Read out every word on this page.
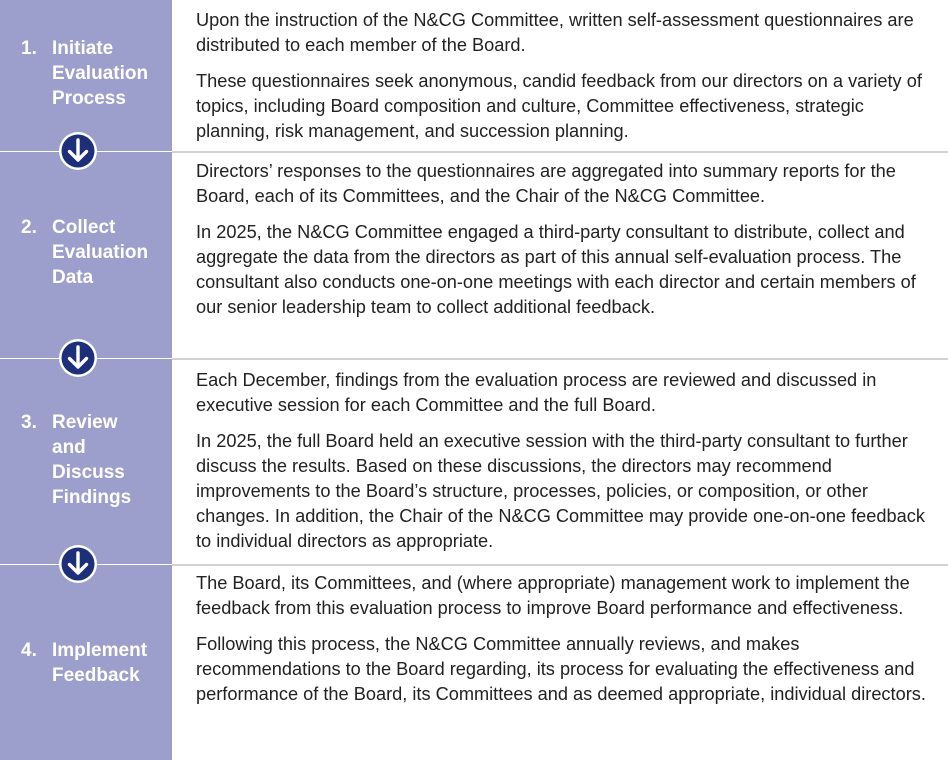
1. Initiate
Evaluation
Process
2. Collect
Evaluation
Data
3. Review
and
Discuss
Findings
4. Implement
Feedback

Upon the instruction of the N&CG Committee, written self-assessment questionnaires are distributed to each member of the Board.

These questionnaires seek anonymous, candid feedback from our directors on a variety of topics, including Board composition and culture, Committee effectiveness, strategic planning, risk management, and succession planning.

Directors’ responses to the questionnaires are aggregated into summary reports for the Board, each of its Committees, and the Chair of the N&CG Committee.

In 2025, the N&CG Committee engaged a third-party consultant to distribute, collect and aggregate the data from the directors as part of this annual self-evaluation process. The consultant also conducts one-on-one meetings with each director and certain members of our senior leadership team to collect additional feedback.

Each December, findings from the evaluation process are reviewed and discussed in executive session for each Committee and the full Board.

In 2025, the full Board held an executive session with the third-party consultant to further discuss the results. Based on these discussions, the directors may recommend improvements to the Board’s structure, processes, policies, or composition, or other changes. In addition, the Chair of the N&CG Committee may provide one-on-one feedback to individual directors as appropriate.

The Board, its Committees, and (where appropriate) management work to implement the feedback from this evaluation process to improve Board performance and effectiveness.

Following this process, the N&CG Committee annually reviews, and makes recommendations to the Board regarding, its process for evaluating the effectiveness and performance of the Board, its Committees and as deemed appropriate, individual directors.
